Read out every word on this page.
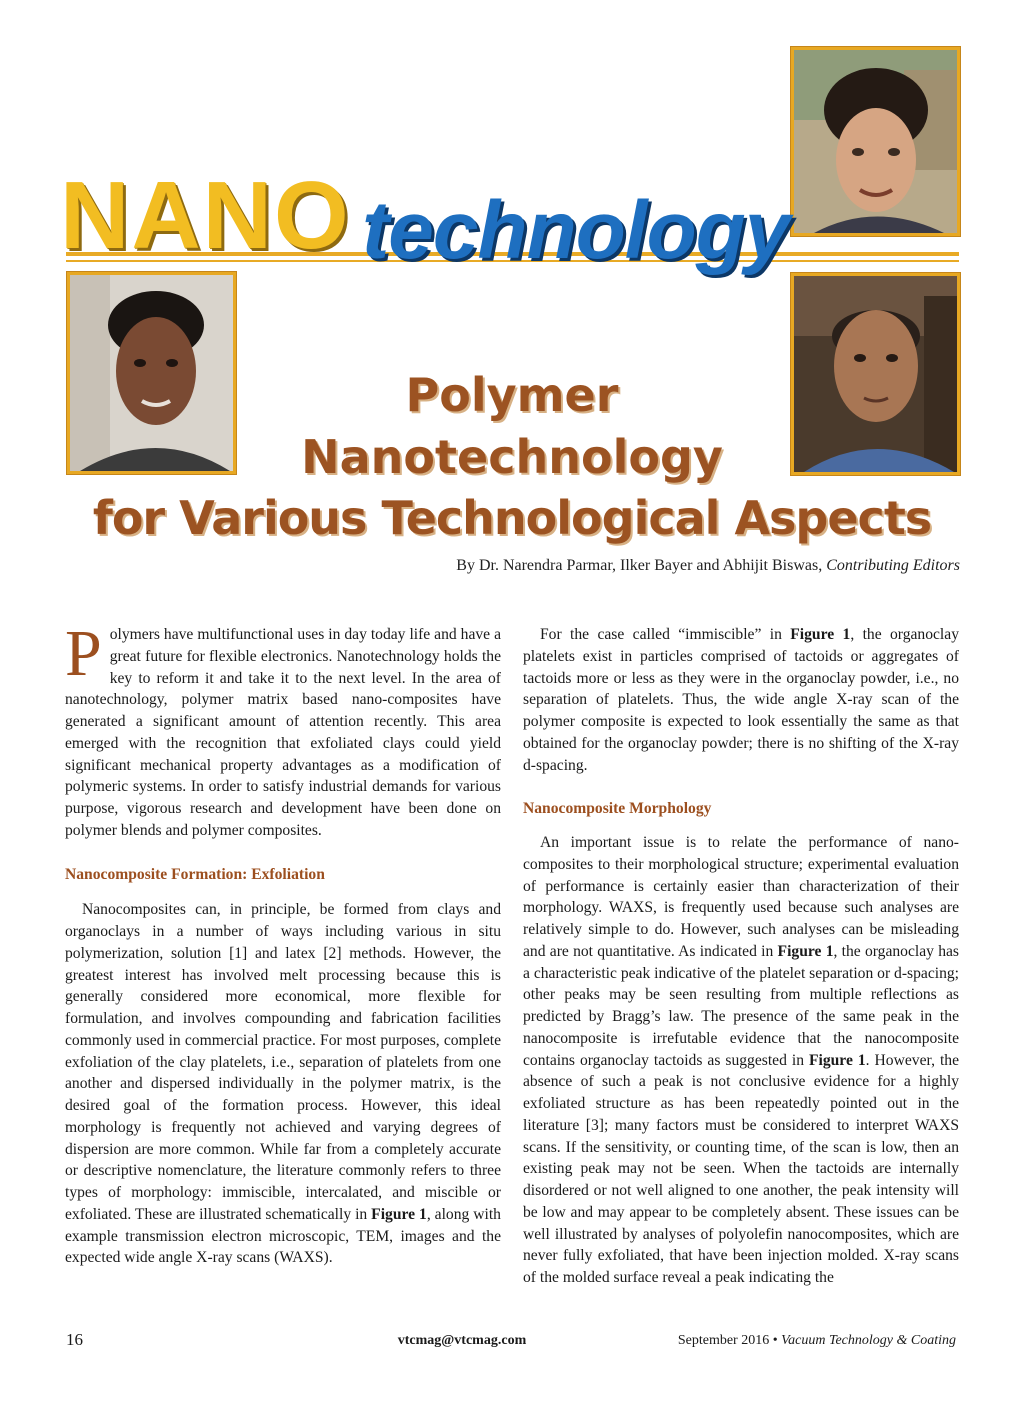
NANO technology
Polymer
Nanotechnology
for Various Technological Aspects
By Dr. Narendra Parmar, Ilker Bayer and Abhijit Biswas, Contributing Editors

Polymers have multifunctional uses in day today life and have a great future for flexible electronics. Nanotechnology holds the key to reform it and take it to the next level. In the area of nanotechnology, polymer matrix based nano-composites have generated a significant amount of attention recently. This area emerged with the recognition that exfoliated clays could yield significant mechanical property advantages as a modification of polymeric systems. In order to satisfy industrial demands for various purpose, vigorous research and development have been done on polymer blends and polymer composites.

Nanocomposite Formation: Exfoliation

Nanocomposites can, in principle, be formed from clays and organoclays in a number of ways including various in situ polymerization, solution [1] and latex [2] methods. However, the greatest interest has involved melt processing because this is generally considered more economical, more flexible for formulation, and involves compounding and fabrication facilities commonly used in commercial practice. For most purposes, complete exfoliation of the clay platelets, i.e., separation of platelets from one another and dispersed individually in the polymer matrix, is the desired goal of the formation process. However, this ideal morphology is frequently not achieved and varying degrees of dispersion are more common. While far from a completely accurate or descriptive nomenclature, the literature commonly refers to three types of morphology: immiscible, intercalated, and miscible or exfoliated. These are illustrated schematically in Figure 1, along with example transmission electron microscopic, TEM, images and the expected wide angle X-ray scans (WAXS).

For the case called “immiscible” in Figure 1, the organoclay platelets exist in particles comprised of tactoids or aggregates of tactoids more or less as they were in the organoclay powder, i.e., no separation of platelets. Thus, the wide angle X-ray scan of the polymer composite is expected to look essentially the same as that obtained for the organoclay powder; there is no shifting of the X-ray d-spacing.

Nanocomposite Morphology

An important issue is to relate the performance of nano-composites to their morphological structure; experimental evaluation of performance is certainly easier than characterization of their morphology. WAXS, is frequently used because such analyses are relatively simple to do. However, such analyses can be misleading and are not quantitative. As indicated in Figure 1, the organoclay has a characteristic peak indicative of the platelet separation or d-spacing; other peaks may be seen resulting from multiple reflections as predicted by Bragg’s law. The presence of the same peak in the nanocomposite is irrefutable evidence that the nanocomposite contains organoclay tactoids as suggested in Figure 1. However, the absence of such a peak is not conclusive evidence for a highly exfoliated structure as has been repeatedly pointed out in the literature [3]; many factors must be considered to interpret WAXS scans. If the sensitivity, or counting time, of the scan is low, then an existing peak may not be seen. When the tactoids are internally disordered or not well aligned to one another, the peak intensity will be low and may appear to be completely absent. These issues can be well illustrated by analyses of polyolefin nanocomposites, which are never fully exfoliated, that have been injection molded. X-ray scans of the molded surface reveal a peak indicating the

16	vtcmag@vtcmag.com	September 2016 • Vacuum Technology & Coating
